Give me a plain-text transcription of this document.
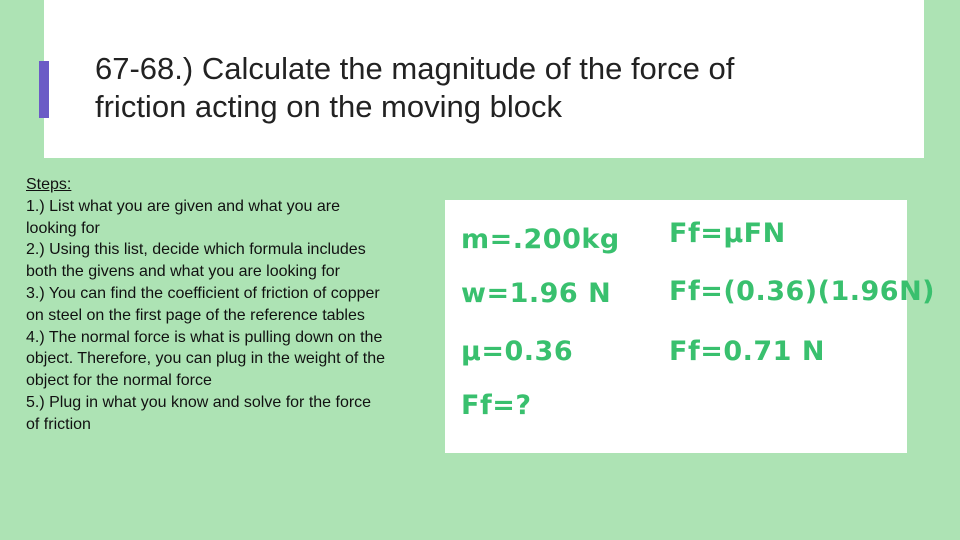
67-68.) Calculate the magnitude of the force of
friction acting on the moving block
Steps:
1.) List what you are given and what you are looking for
2.) Using this list, decide which formula includes both the givens and what you are looking for
3.) You can find the coefficient of friction of copper on steel on the first page of the reference tables
4.) The normal force is what is pulling down on the object. Therefore, you can plug in the weight of the object for the normal force
5.) Plug in what you know and solve for the force of friction
m=.200kg
w=1.96 N
μ=0.36
Ff=?
Ff=μFN
Ff=(0.36)(1.96N)
Ff=0.71 N
